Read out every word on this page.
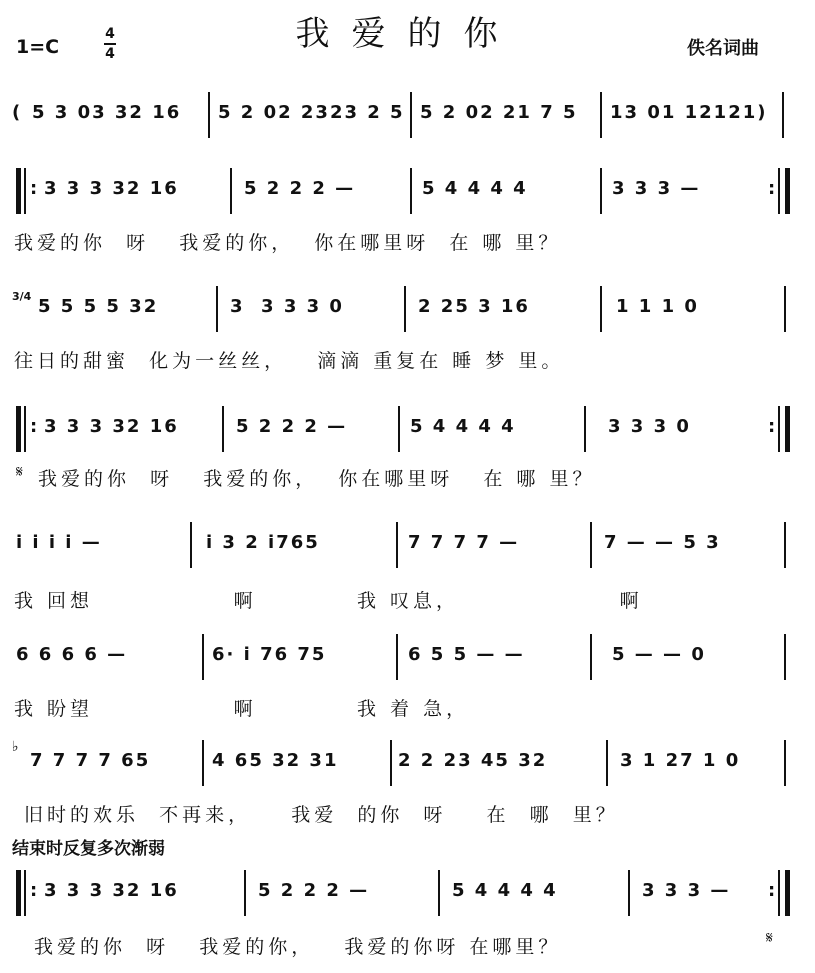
我爱的你
1=C
4
4	佚名词曲
( 5 3 03 32 16 5 2 02 2323 2 5 5 2 02 21 7 5 13 01 12121)
: 3 3 3 32 16	5 2 2 2 —	5 4 4 4 4	3 3 3 —	:
我爱的你  呀   我爱的你，  你在哪里呀  在 哪 里？
3/4 5 5 5 5 32	3  3 3 3 0	2 25 3 16	1 1 1 0
往日的甜蜜  化为一丝丝，   滴滴 重复在 睡 梦 里。
: 3 3 3 32 16	5 2 2 2 —	5 4 4 4 4	3 3 3 0	:
𝄋 我爱的你  呀   我爱的你，  你在哪里呀   在 哪 里？
i i i i —	i 3 2 i765	7 7 7 7 —	7 — — 5 3
我 回想              啊          我 叹息，                啊
6 6 6 6 —	6· i 76 75	6 5 5 — —	5 — — 0
我 盼望              啊          我 着 急，
♭
7 7 7 7 65	4 65 32 31	2 2 23 45 32	3 1 27 1 0
旧时的欢乐  不再来，    我爱  的你  呀    在  哪  里？
结束时反复多次渐弱
: 3 3 3 32 16	5 2 2 2 —	5 4 4 4 4	3 3 3 — :
我爱的你  呀   我爱的你，   我爱的你呀 在哪里？	𝄋
